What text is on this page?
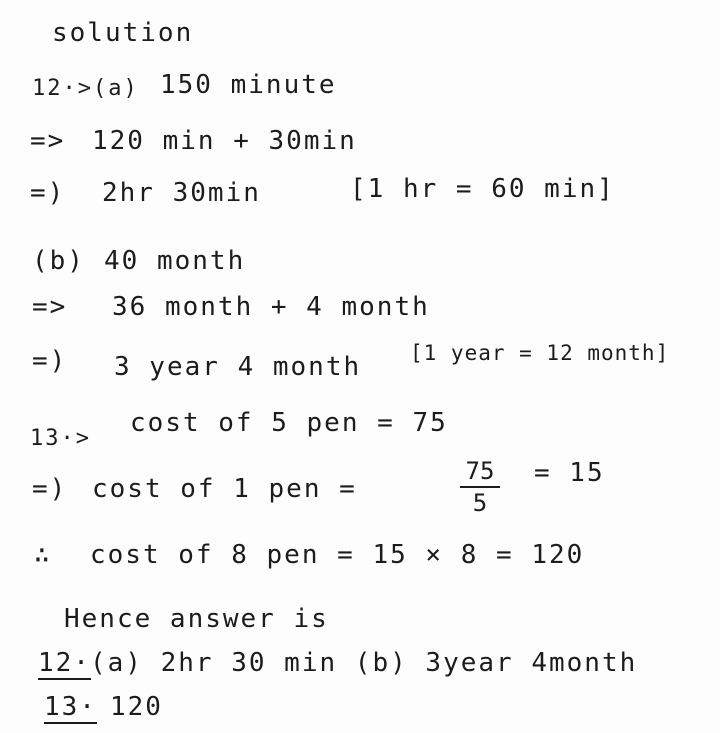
solution
12·>(a) 150 minute
=> 120 min + 30min
=) 2hr 30min	[1 hr = 60 min]
(b) 40 month
=> 36 month + 4 month
=) 3 year 4 month [1 year = 12 month]
13·>
cost of 5 pen = 75
=) cost of 1 pen =	$\frac{75}{5} = 15$
∴ cost of 8 pen = 15 × 8 = 120
Hence answer is
12· (a) 2hr 30 min (b) 3year 4month
13· 120
